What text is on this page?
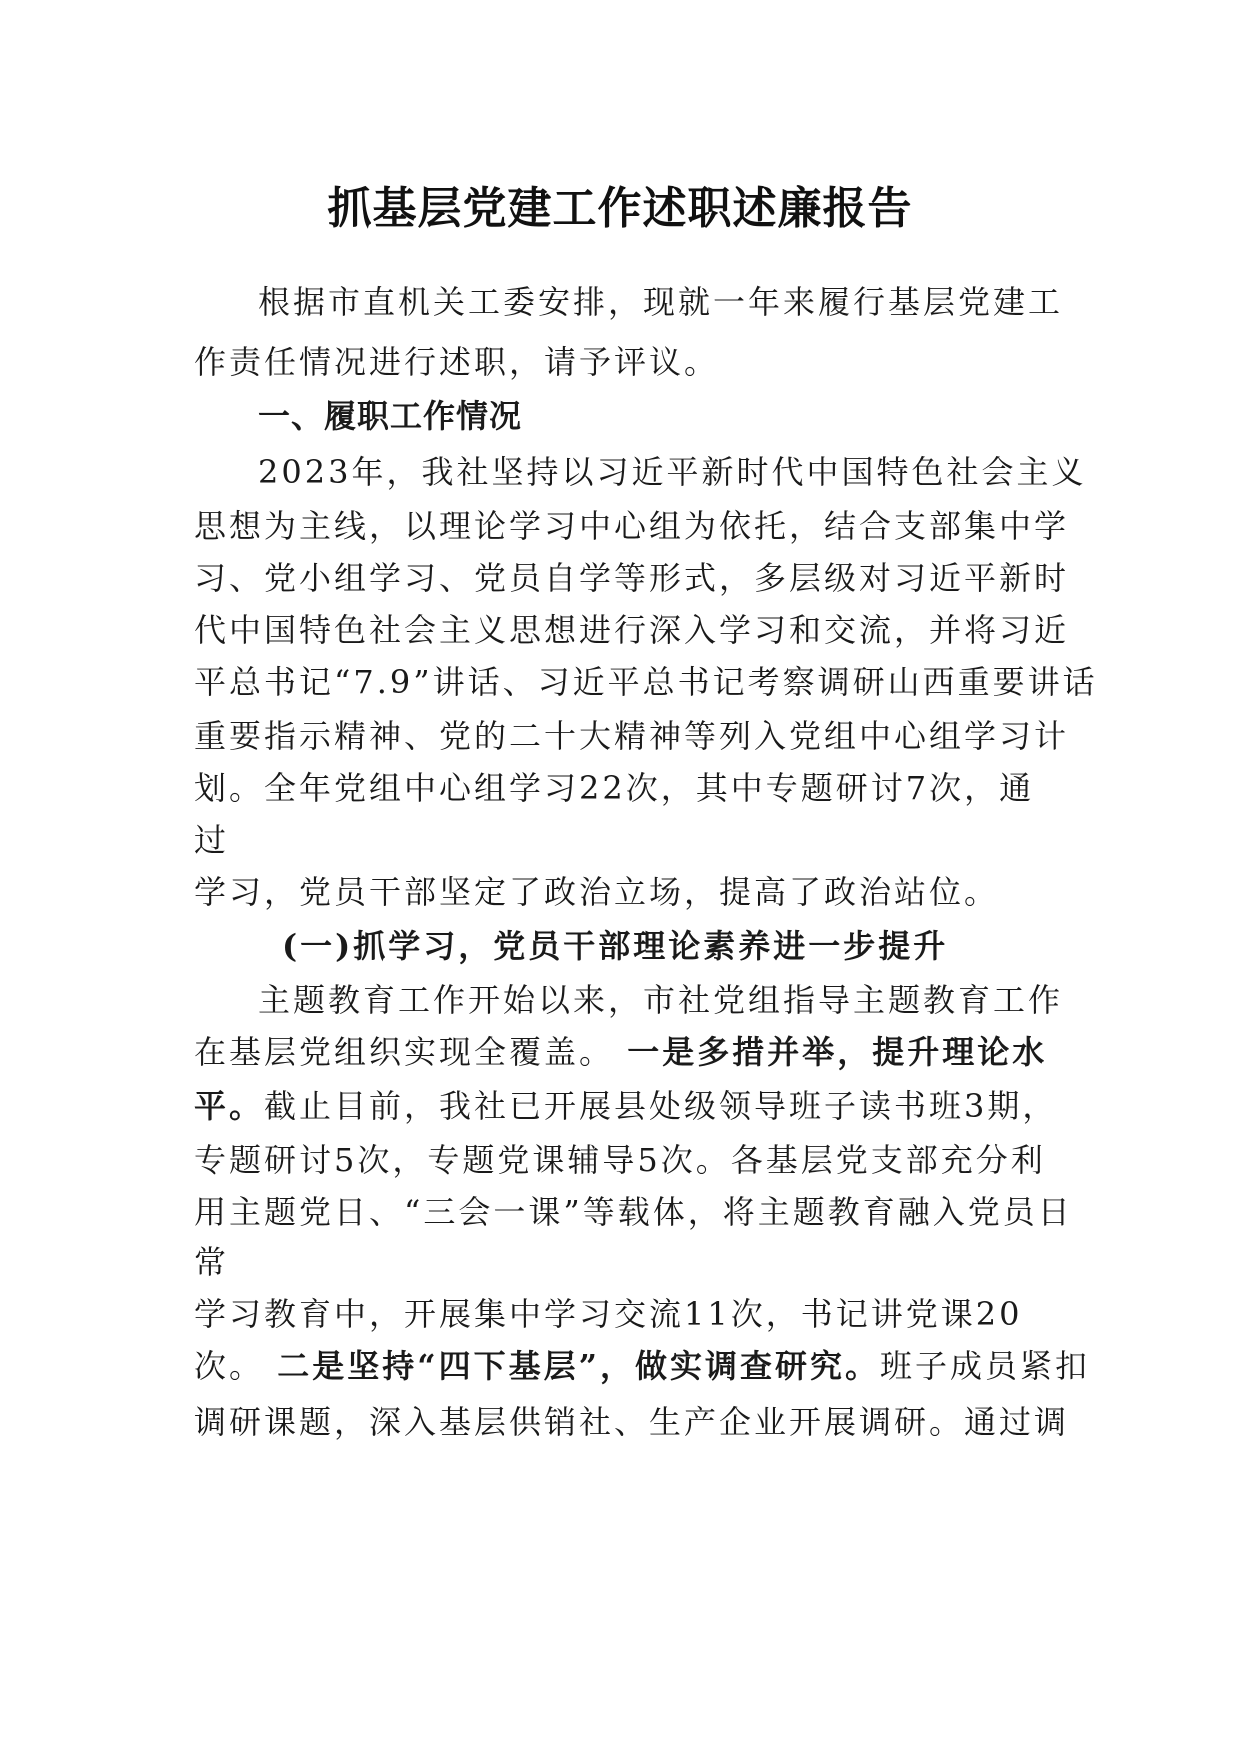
抓基层党建工作述职述廉报告
根据市直机关工委安排，现就一年来履行基层党建工
作责任情况进行述职，请予评议。
一、履职工作情况
2023年，我社坚持以习近平新时代中国特色社会主义
思想为主线，以理论学习中心组为依托，结合支部集中学
习、党小组学习、党员自学等形式，多层级对习近平新时
代中国特色社会主义思想进行深入学习和交流，并将习近
平总书记“7.9”讲话、习近平总书记考察调研山西重要讲话
重要指示精神、党的二十大精神等列入党组中心组学习计
划。全年党组中心组学习22次，其中专题研讨7次，通
过
学习，党员干部坚定了政治立场，提高了政治站位。
(一)抓学习，党员干部理论素养进一步提升
主题教育工作开始以来，市社党组指导主题教育工作
在基层党组织实现全覆盖。 一是多措并举，提升理论水
平。截止目前，我社已开展县处级领导班子读书班3期，
专题研讨5次，专题党课辅导5次。各基层党支部充分利
用主题党日、“三会一课”等载体，将主题教育融入党员日
常
学习教育中，开展集中学习交流11次，书记讲党课20
次。 二是坚持“四下基层”，做实调查研究。班子成员紧扣
调研课题，深入基层供销社、生产企业开展调研。通过调
